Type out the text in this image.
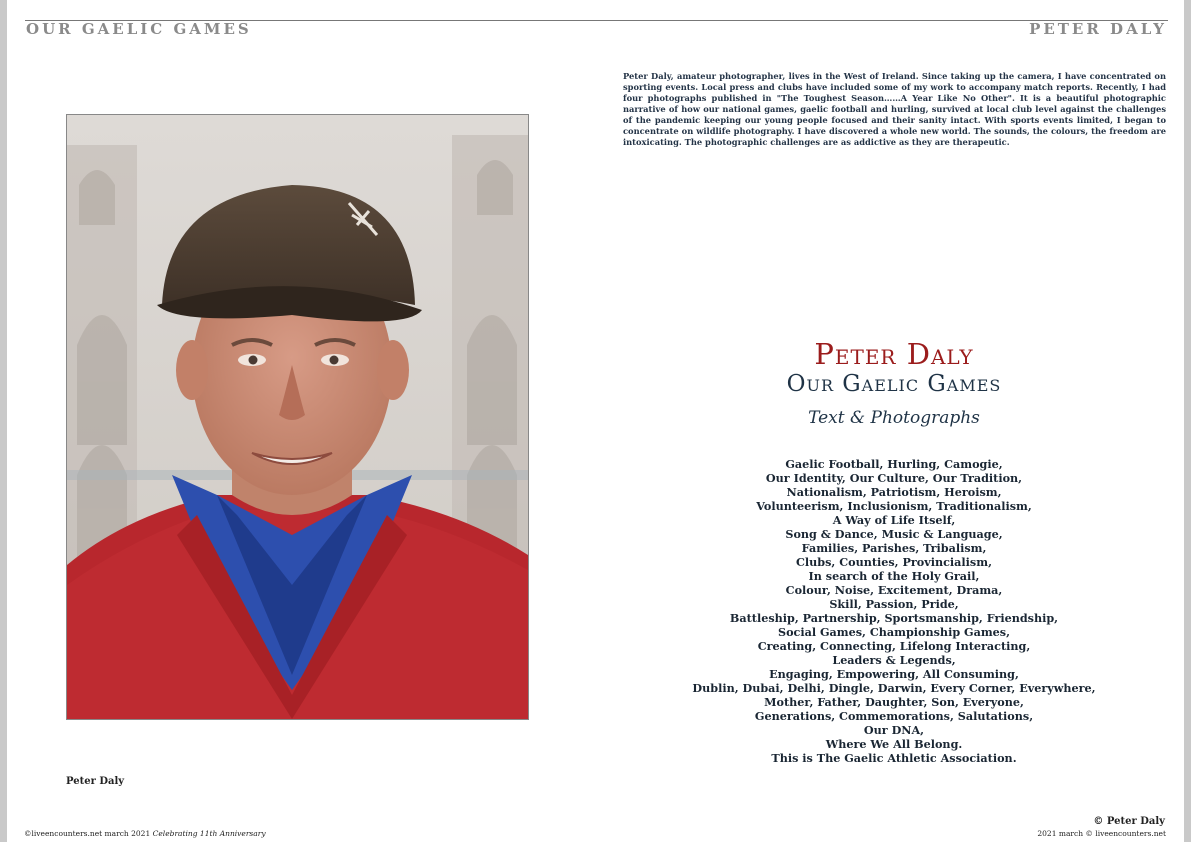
OUR GAELIC GAMES	PETER DALY
Peter Daly

Peter Daly, amateur photographer, lives in the West of Ireland. Since taking up the camera, I have concentrated on sporting events. Local press and clubs have included some of my work to accompany match reports. Recently, I had four photographs published in "The Toughest Season……A Year Like No Other". It is a beautiful photographic narrative of how our national games, gaelic football and hurling, survived at local club level against the challenges of the pandemic keeping our young people focused and their sanity intact. With sports events limited, I began to concentrate on wildlife photography. I have discovered a whole new world. The sounds, the colours, the freedom are intoxicating. The photographic challenges are as addictive as they are therapeutic.

Peter Daly
Our Gaelic Games
Text & Photographs
Gaelic Football, Hurling, Camogie,
Our Identity, Our Culture, Our Tradition,
Nationalism, Patriotism, Heroism,
Volunteerism, Inclusionism, Traditionalism,
A Way of Life Itself,
Song & Dance, Music & Language,
Families, Parishes, Tribalism,
Clubs, Counties, Provincialism,
In search of the Holy Grail,
Colour, Noise, Excitement, Drama,
Skill, Passion, Pride,
Battleship, Partnership, Sportsmanship, Friendship,
Social Games, Championship Games,
Creating, Connecting, Lifelong Interacting,
Leaders & Legends,
Engaging, Empowering, All Consuming,
Dublin, Dubai, Delhi, Dingle, Darwin, Every Corner, Everywhere,
Mother, Father, Daughter, Son, Everyone,
Generations, Commemorations, Salutations,
Our DNA,
Where We All Belong.
This is The Gaelic Athletic Association.
© Peter Daly
©liveencounters.net march 2021 Celebrating 11th Anniversary	2021 march © liveencounters.net
